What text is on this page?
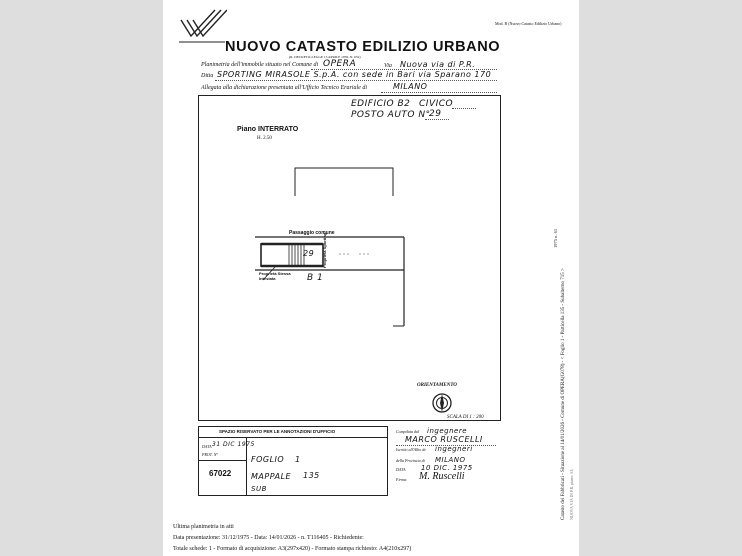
Mod. B (Nuovo Catasto Edilizio Urbano)
NUOVO CATASTO EDILIZIO URBANO
(R. DECRETO-LEGGE 13 APRILE 1939, N. 652)
Planimetria dell'immobile situato nel Comune di OPERA	Via Nuova via di P.R.
Ditta SPORTING MIRASOLE S.p.A. con sede in Bari via Sparano 170
Allegata alla dichiarazione presentata all'Ufficio Tecnico Erariale di	MILANO
EDIFICIO B2 CIVICO
POSTO AUTO N°
29
Piano INTERRATO
H. 2.50
Passaggio comune
29 Proprietà Sporting
Proprietà Stessa Intestata	B 1
ORIENTAMENTO
SCALA DI 1 : 200
SPAZIO RISERVATO PER LE ANNOTAZIONI D'UFFICIO
DATA 31 DIC 1975
PROT. N°
67022
FOGLIO 1
MAPPALE 135
SUB
Compilata dal ingegnere
MARCO RUSCELLI
Iscritto all'Albo de ingegneri
della Provincia di MILANO
DATA 10 DIC. 1975
Firma: M. Ruscelli
Ultima planimetria in atti
Data presentazione: 31/12/1975 - Data: 14/01/2026 - n. T116405 - Richiedente:
Totale schede: 1 - Formato di acquisizione: A3(297x420) - Formato stampa richiesto: A4(210x297)
Catasto dei Fabbricati - Situazione al 14/01/2026 - Comune di OPERA(G078) - < Foglio 1 - Particella 135 - Subalterno 715 > NUOVA VIA DI P.R. piano: S1;
1975 n. 61
